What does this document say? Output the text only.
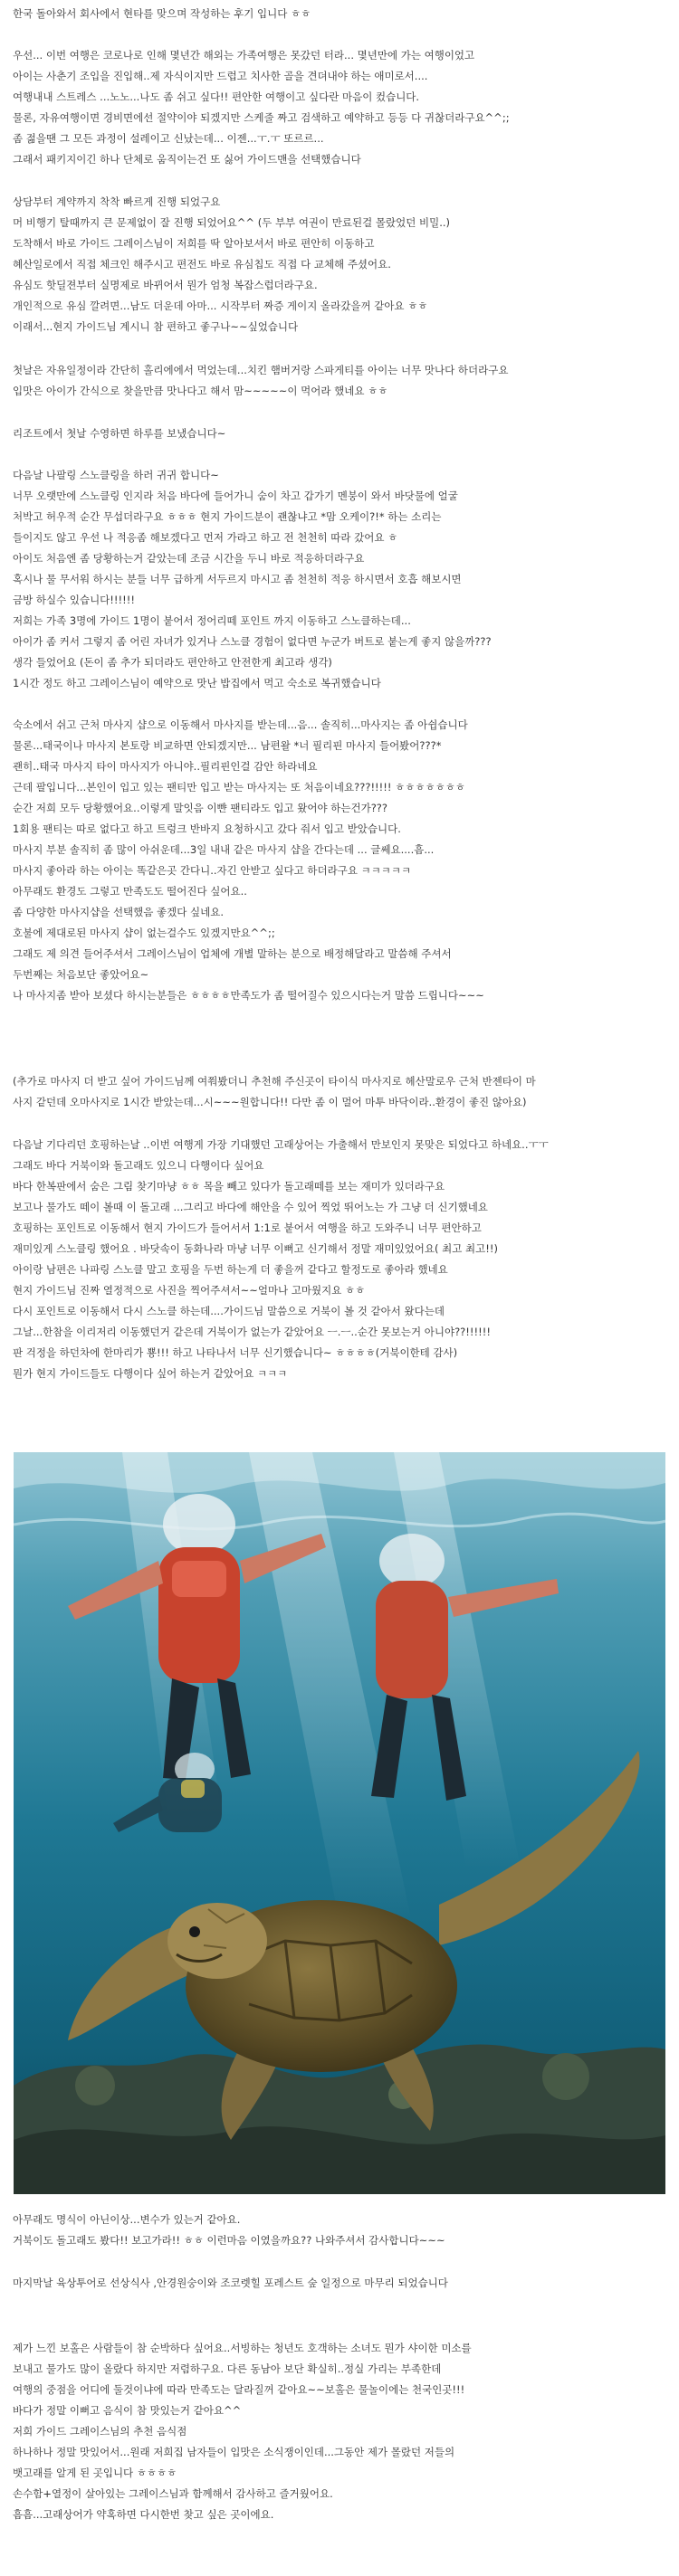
한국 돌아와서 회사에서 현타를 맞으며 작성하는 후기 입니다 ㅎㅎ
우선... 이번 여행은 코로나로 인해 몇년간 해외는 가족여행은 못갔던 터라... 몇년만에 가는 여행이었고
아이는 사춘기 조입을 진입해..제 자식이지만 드럽고 치사한 골을 견뎌내야 하는 애미로서....
여행내내 스트레스 ...노노...나도 좀 쉬고 싶다!! 편안한 여행이고 싶다란 마음이 컸습니다.
물론, 자유여행이면 경비면에선 절약이야 되겠지만 스케줄 짜고 검색하고 예약하고 등등 다 귀찮더라구요^^;;
좀 젊을땐 그 모든 과정이 설레이고 신났는데... 이젠...ㅜ.ㅜ 또르르...
그래서 패키지이긴 하나 단체로 움직이는건 또 싫어 가이드맨을 선택했습니다
상담부터 계약까지 착착 빠르게 진행 되었구요
머 비행기 탈때까지 큰 문제없이 잘 진행 되었어요^^ (두 부부 여권이 만료된걸 몰랐었던 비밀..)
도착해서 바로 가이드 그레이스님이 저희를 딱 알아보셔서 바로 편안히 이동하고
혜산일로에서 직접 체크인 해주시고 편전도 바로 유심칩도 직접 다 교체해 주셨어요.
유심도 핫딜젼부터 실명제로 바뀌어서 뭔가 엄청 복잡스럽더라구요.
개인적으로 유심 깔려면...남도 더운데 아마... 시작부터 짜증 게이지 올라갔을꺼 같아요 ㅎㅎ
이래서...현지 가이드님 계시니 참 편하고 좋구나~~싶었습니다
첫날은 자유일정이라 간단히 홀리에에서 먹었는데...치킨 햄버거랑 스파게티를 아이는 너무 맛나다 하더라구요
입맛은 아이가 간식으로 찾을만큼 맛나다고 해서 맘~~~~~이 먹어라 했네요 ㅎㅎ
리조트에서 첫날 수영하면 하루를 보냈습니다~
다음날 나팔링 스노클링을 하러 귀귀 합니다~
너무 오랫만에 스노클링 인지라 처음 바다에 들어가니 숨이 차고 갑가기 멘붕이 와서 바닷물에 얼굴
처박고 허우적 순간 무섭더라구요 ㅎㅎㅎ 현지 가이드분이 괜찮냐고 *맘 오케이?!* 하는 소리는
들이지도 않고 우선 나 적응좀 해보겠다고 먼저 가라고 하고 전 천천히 따라 갔어요 ㅎ
아이도 처음엔 좀 당황하는거 같았는데 조금 시간을 두니 바로 적응하더라구요
혹시나 물 무서워 하시는 분들 너무 급하게 서두르지 마시고 좀 천천히 적응 하시면서 호흡 해보시면
금방 하실수 있습니다!!!!!!
저희는 가족 3명에 가이드 1명이 붙어서 정어리떼 포인트 까지 이동하고 스노클하는데...
아이가 좀 커서 그렇지 좀 어린 자녀가 있거나 스노클 경험이 없다면 누군가 버트로 붙는게 좋지 않을까???
생각 들었어요 (돈이 좀 추가 되더라도 편안하고 안전한게 최고라 생각)
1시간 정도 하고 그레이스님이 예약으로 맛난 밥집에서 먹고 숙소로 복귀했습니다
숙소에서 쉬고 근처 마사지 샵으로 이동해서 마사지를 받는데...음... 솔직히...마사지는 좀 아쉽습니다
물론...태국이나 마사지 본토랑 비교하면 안되겠지만... 남편왈 *너 필리핀 마사지 들어봤어???*
괜히..태국 마사지 타이 마사지가 아니야..필리핀인걸 감안 하라네요
근데 팔입니다...본인이 입고 있는 팬티만 입고 받는 마사지는 또 처음이네요???!!!!! ㅎㅎㅎㅎㅎㅎㅎ
순간 저희 모두 당황했어요..이렇게 말잇음 이뺜 팬티라도 입고 왔어야 하는건가???
1회용 팬티는 따로 없다고 하고 트렁크 반바지 요청하시고 갔다 줘서 입고 받았습니다.
마사지 부분 솔직히 좀 많이 아쉬운데...3일 내내 같은 마사지 샵을 간다는데 ... 글쎄요....흠...
마사지 좋아라 하는 아이는 똑같은곳 간다니..자긴 안받고 싶다고 하더라구요 ㅋㅋㅋㅋㅋ
아무래도 환경도 그렇고 만족도도 떨어진다 싶어요..
좀 다양한 마사지샵을 선택했음 좋겠다 싶네요.
호불에 제대로된 마사지 샵이 없는걸수도 있겠지만요^^;;
그래도 제 의견 들어주셔서 그레이스님이 업체에 개별 말하는 분으로 배정해달라고 말씀해 주셔서
두번째는 처음보단 좋았어요~
나 마사지좀 받아 보셨다 하시는분들은 ㅎㅎㅎㅎ만족도가 좀 떨어질수 있으시다는거 말씀 드립니다~~~
(추가로 마사지 더 받고 싶어 가이드님께 여쭤봤더니 추천해 주신곳이 타이식 마사지로 헤산말로우 근처 반젠타이 마
사지 같던데 오마사지로 1시간 받았는데...시~~~원합니다!! 다만 좀 이 멀어 마투 바닥이라..환경이 좋진 않아요)
다음날 기다리던 호핑하는날 ..이번 여행게 가장 기대했던 고래상어는 가출해서 만보인지 못맞은 되었다고 하네요..ㅜㅜ
그래도 바다 거북이와 돌고래도 있으니 다행이다 싶어요
바다 한복판에서 숨은 그림 찾기마냥 ㅎㅎ 목을 빼고 있다가 돌고래떼를 보는 재미가 있더라구요
보고나 물가도 떼이 볼때 이 돌고래 ...그리고 바다에 해안을 수 있어 찍었 뛰어노는 가 그냥 더 신기했네요
호핑하는 포인트로 이동해서 현지 가이드가 들어서서 1:1로 붙어서 여행을 하고 도와주니 너무 편안하고
재미있게 스노클링 했어요 . 바닷속이 동화나라 마냥 너무 이뻐고 신기해서 정말 재미있었어요( 최고 최고!!)
아이랑 남편은 나파링 스노클 말고 호핑을 두번 하는게 더 좋을꺼 같다고 할정도로 좋아라 했네요
현지 가이드님 진짜 열정적으로 사진을 찍어주셔서~~얼마나 고마웠지요 ㅎㅎ
다시 포인트로 이동해서 다시 스노클 하는데....가이드님 말씀으로 거북이 볼 것 같아서 왔다는데
그날...한참을 이리저리 이동했던거 같은데 거북이가 없는가 같았어요 ㅡ.ㅡ..순간 못보는거 아니야??!!!!!!
판 걱정을 하던차에 한마리가 뿅!!! 하고 나타나서 너무 신기했습니다~ ㅎㅎㅎㅎ(거북이한테 감사)
뭔가 현지 가이드들도 다행이다 싶어 하는거 같았어요 ㅋㅋㅋ
아무래도 명식이 아닌이상...변수가 있는거 같아요.
거북이도 돌고래도 봤다!! 보고가라!! ㅎㅎ 이런마음 이였을까요?? 나와주셔서 감사합니다~~~
마지막날 육상투어로 선상식사 ,안경원숭이와 조코렛힐 포레스트 숲 일정으로 마무리 되었습니다
제가 느낀 보홀은 사람들이 참 순박하다 싶어요..서빙하는 청년도 호객하는 소녀도 뭔가 샤이한 미소를
보내고 물가도 많이 올랐다 하지만 저렴하구요. 다른 동남아 보단 확실히..정실 가리는 부족한데
여행의 중점을 어디에 둘것이냐에 따라 만족도는 달라질꺼 같아요~~보홀은 물놀이에는 천국인곳!!!
바다가 정말 이뻐고 음식이 참 맛있는거 같아요^^
저희 가이드 그레이스님의 추천 음식점
하나하나 정말 맛있어서...원래 저희집 남자들이 입맛은 소식쟁이인데...그동안 제가 몰랐던 저들의
뱃고래를 알게 된 곳입니다 ㅎㅎㅎㅎ
손수함+열정이 살아있는 그레이스님과 함께해서 감사하고 즐거웠어요.
흠흠...고래상어가 약혹하면 다시한번 찾고 싶은 곳이에요.
